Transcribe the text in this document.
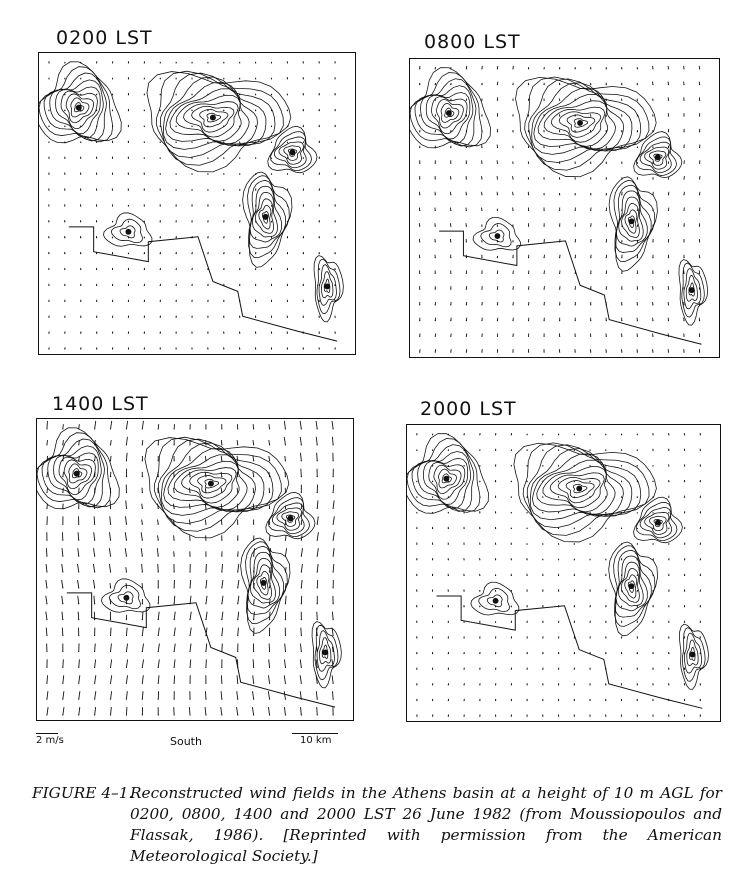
0200 LST	0800 LST
1400 LST	2000 LST
2 m/s	South	10 km
FIGURE 4–1.
Reconstructed wind fields in the Athens basin at a height of 10 m AGL for 0200, 0800, 1400 and 2000 LST 26 June 1982 (from Moussiopoulos and Flassak, 1986). [Reprinted with permission from the American Meteorological Society.]
